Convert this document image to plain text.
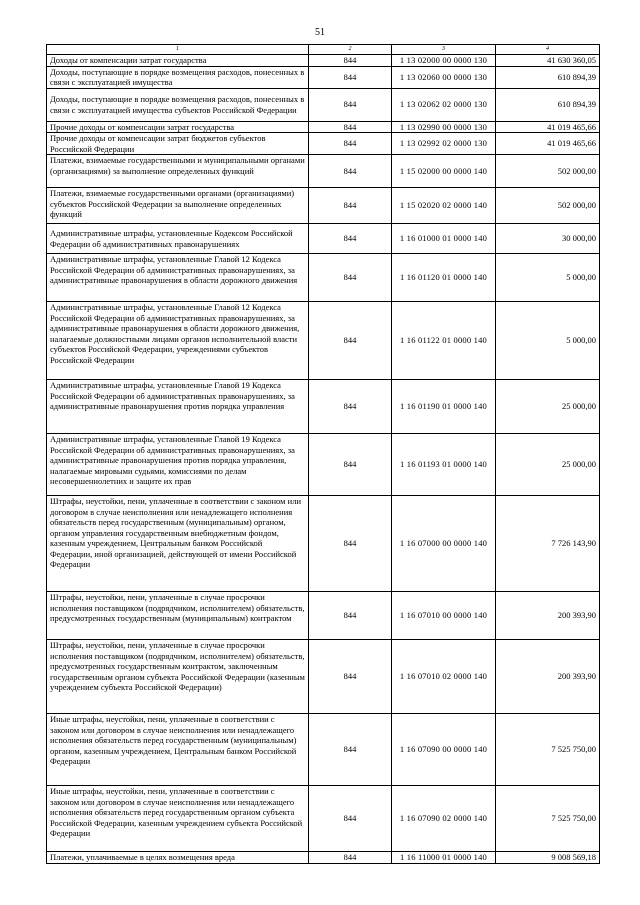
51
1	2	3	4
Доходы от компенсации затрат государства	844	1 13 02000 00 0000 130	41 630 360,05
Доходы, поступающие в порядке возмещения расходов, понесенных в связи с эксплуатацией имущества	844	1 13 02060 00 0000 130	610 894,39
Доходы, поступающие в порядке возмещения расходов, понесенных в связи с эксплуатацией имущества субъектов Российской Федерации	844	1 13 02062 02 0000 130	610 894,39
Прочие доходы от компенсации затрат государства	844	1 13 02990 00 0000 130	41 019 465,66
Прочие доходы от компенсации затрат бюджетов субъектов Российской Федерации	844	1 13 02992 02 0000 130	41 019 465,66
Платежи, взимаемые государственными и муниципальными органами (организациями) за выполнение определенных функций	844	1 15 02000 00 0000 140	502 000,00
Платежи, взимаемые государственными органами (организациями) субъектов Российской Федерации за выполнение определенных функций	844	1 15 02020 02 0000 140	502 000,00
Административные штрафы, установленные Кодексом Российской Федерации об административных правонарушениях	844	1 16 01000 01 0000 140	30 000,00
Административные штрафы, установленные Главой 12 Кодекса Российской Федерации об административных правонарушениях, за административные правонарушения в области дорожного движения	844	1 16 01120 01 0000 140	5 000,00
Административные штрафы, установленные Главой 12 Кодекса Российской Федерации об административных правонарушениях, за административные правонарушения в области дорожного движения, налагаемые должностными лицами органов исполнительной власти субъектов Российской Федерации, учреждениями субъектов Российской Федерации	844	1 16 01122 01 0000 140	5 000,00
Административные штрафы, установленные Главой 19 Кодекса Российской Федерации об административных правонарушениях, за административные правонарушения против порядка управления	844	1 16 01190 01 0000 140	25 000,00
Административные штрафы, установленные Главой 19 Кодекса Российской Федерации об административных правонарушениях, за административные правонарушения против порядка управления, налагаемые мировыми судьями, комиссиями по делам несовершеннолетних и защите их прав	844	1 16 01193 01 0000 140	25 000,00
Штрафы, неустойки, пени, уплаченные в соответствии с законом или договором в случае неисполнения или ненадлежащего исполнения обязательств перед государственным (муниципальным) органом, органом управления государственным внебюджетным фондом, казенным учреждением, Центральным банком Российской Федерации, иной организацией, действующей от имени Российской Федерации	844	1 16 07000 00 0000 140	7 726 143,90
Штрафы, неустойки, пени, уплаченные в случае просрочки исполнения поставщиком (подрядчиком, исполнителем) обязательств, предусмотренных государственным (муниципальным) контрактом	844	1 16 07010 00 0000 140	200 393,90
Штрафы, неустойки, пени, уплаченные в случае просрочки исполнения поставщиком (подрядчиком, исполнителем) обязательств, предусмотренных государственным контрактом, заключенным государственным органом субъекта Российской Федерации (казенным учреждением субъекта Российской Федерации)	844	1 16 07010 02 0000 140	200 393,90
Иные штрафы, неустойки, пени, уплаченные в соответствии с законом или договором в случае неисполнения или ненадлежащего исполнения обязательств перед государственным (муниципальным) органом, казенным учреждением, Центральным банком Российской Федерации	844	1 16 07090 00 0000 140	7 525 750,00
Иные штрафы, неустойки, пени, уплаченные в соответствии с законом или договором в случае неисполнения или ненадлежащего исполнения обязательств перед государственным органом субъекта Российской Федерации, казенным учреждением субъекта Российской Федерации	844	1 16 07090 02 0000 140	7 525 750,00
Платежи, уплачиваемые в целях возмещения вреда	844	1 16 11000 01 0000 140	9 008 569,18
